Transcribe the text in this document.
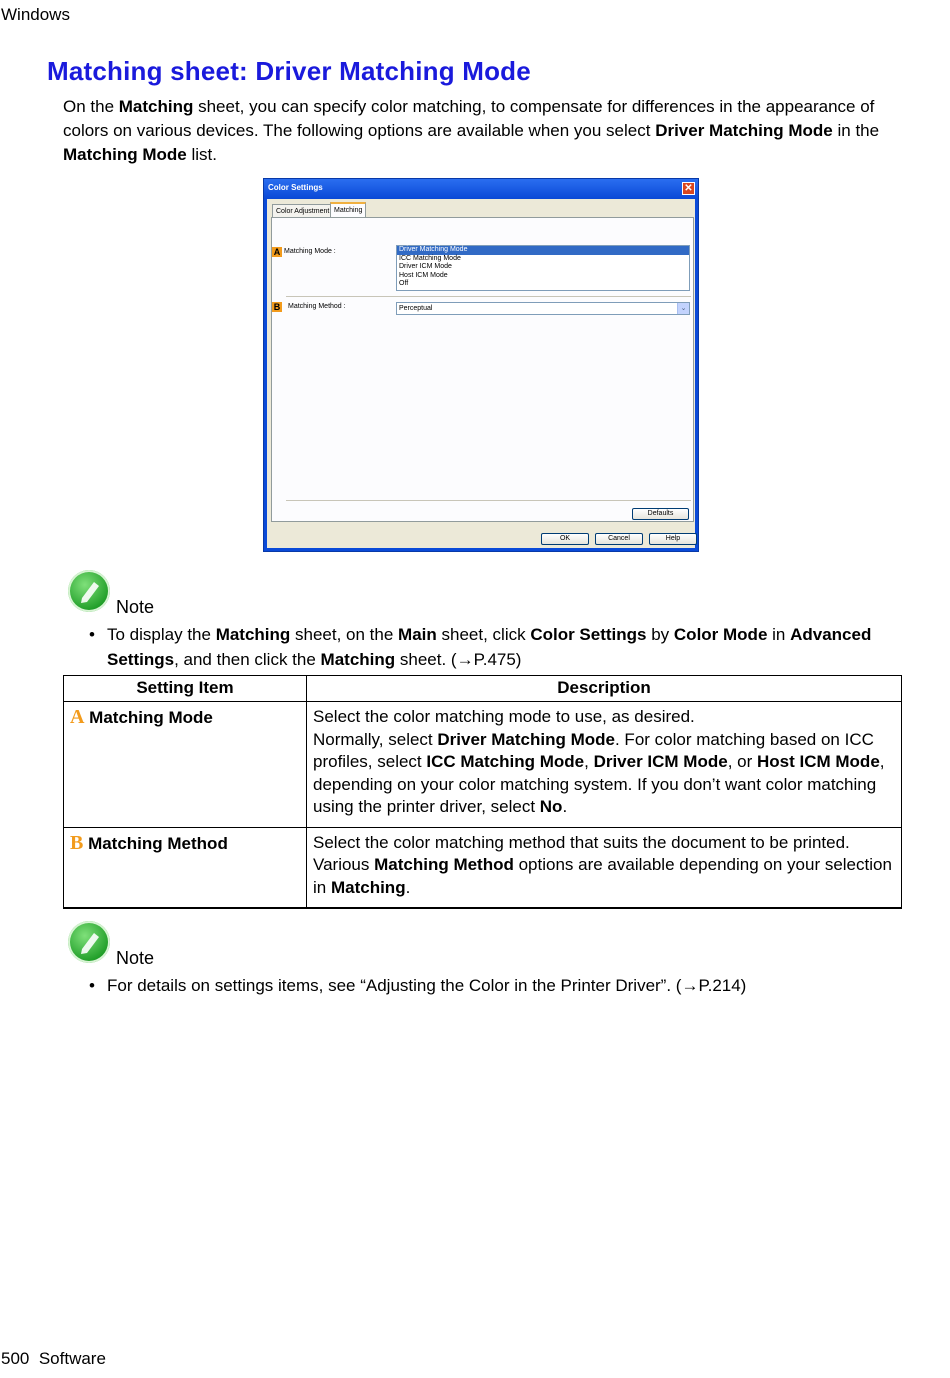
Windows
Matching sheet: Driver Matching Mode
On the Matching sheet, you can specify color matching, to compensate for differences in the appearance of colors on various devices. The following options are available when you select Driver Matching Mode in the Matching Mode list.
Color Settings	✕
Color Adjustment Matching
A Matching Mode :	Driver Matching Mode
ICC Matching Mode
Driver ICM Mode
Host ICM Mode
Off
B Matching Method :	Perceptual	⌄
Defaults
OK	Cancel	Help
Note
• To display the Matching sheet, on the Main sheet, click Color Settings by Color Mode in Advanced Settings, and then click the Matching sheet. (→P.475)
Setting Item	Description
A Matching Mode	Select the color matching mode to use, as desired.
Normally, select Driver Matching Mode. For color matching based on ICC profiles, select ICC Matching Mode, Driver ICM Mode, or Host ICM Mode, depending on your color matching system. If you don’t want color matching using the printer driver, select No.
B Matching Method	Select the color matching method that suits the document to be printed. Various Matching Method options are available depending on your selection in Matching.
Note
• For details on settings items, see “Adjusting the Color in the Printer Driver”. (→P.214)
500 Software
